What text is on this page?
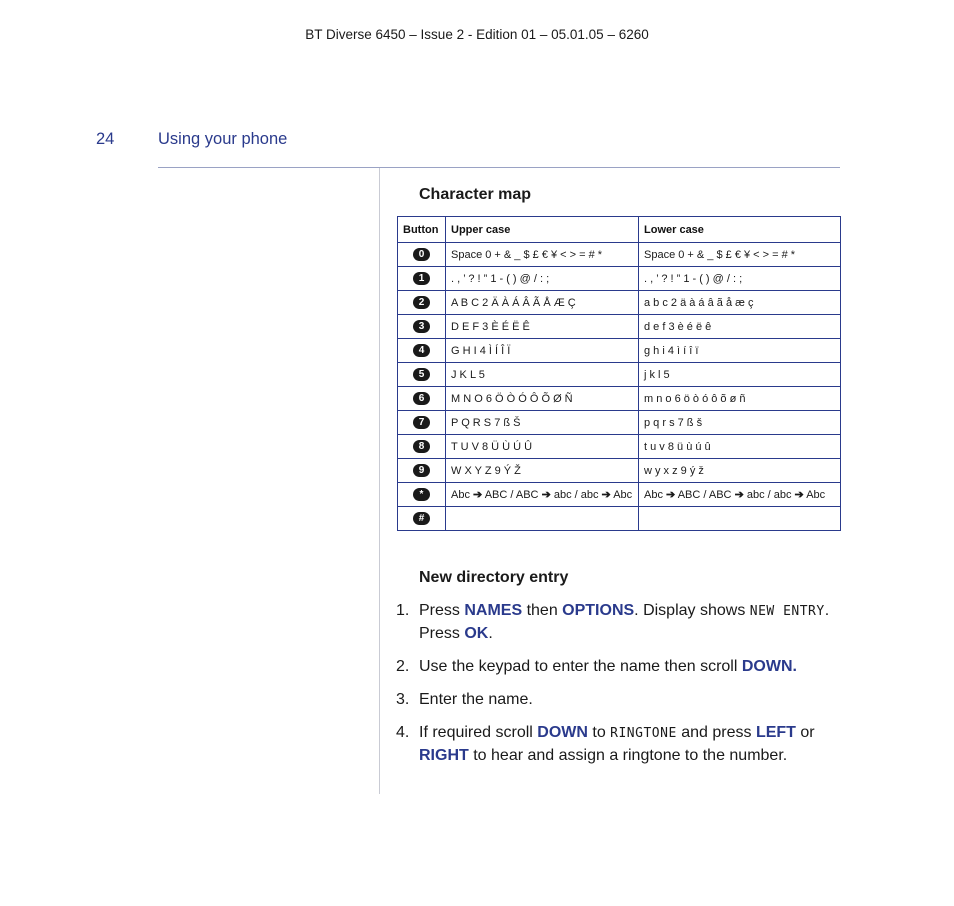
BT Diverse 6450 – Issue 2 - Edition 01 – 05.01.05 – 6260
24	Using your phone
Character map
Button	Upper case	Lower case
0	Space 0 + & _ $ £ € ¥ < > = # *	Space 0 + & _ $ £ € ¥ < > = # *
1	. , ’ ? ! ” 1 - ( ) @ / : ;	. , ’ ? ! ” 1 - ( ) @ / : ;
2	A B C 2 Ä À Á Â Ã Å Æ Ç	a b c 2 ä à á â ã å æ ç
3	D E F 3 È É Ë Ê	d e f 3 è é ë ê
4	G H I 4 Ì Í Î Ï	g h i 4 ì í î ï
5	J K L 5	j k l 5
6	M N O 6 Ö Ò Ó Ô Õ Ø Ñ	m n o 6 ö ò ó ô õ ø ñ
7	P Q R S 7 ß Š	p q r s 7 ß š
8	T U V 8 Ü Ù Ú Û	t u v 8 ü ù ú û
9	W X Y Z 9 Ý Ž	w y x z 9 ý ž
*	Abc ➔ ABC / ABC ➔ abc / abc ➔ Abc	Abc ➔ ABC / ABC ➔ abc / abc ➔ Abc
#		
New directory entry
1. Press NAMES then OPTIONS. Display shows NEW ENTRY. Press OK.
2. Use the keypad to enter the name then scroll DOWN.
3. Enter the name.
4. If required scroll DOWN to RINGTONE and press LEFT or RIGHT to hear and assign a ringtone to the number.
